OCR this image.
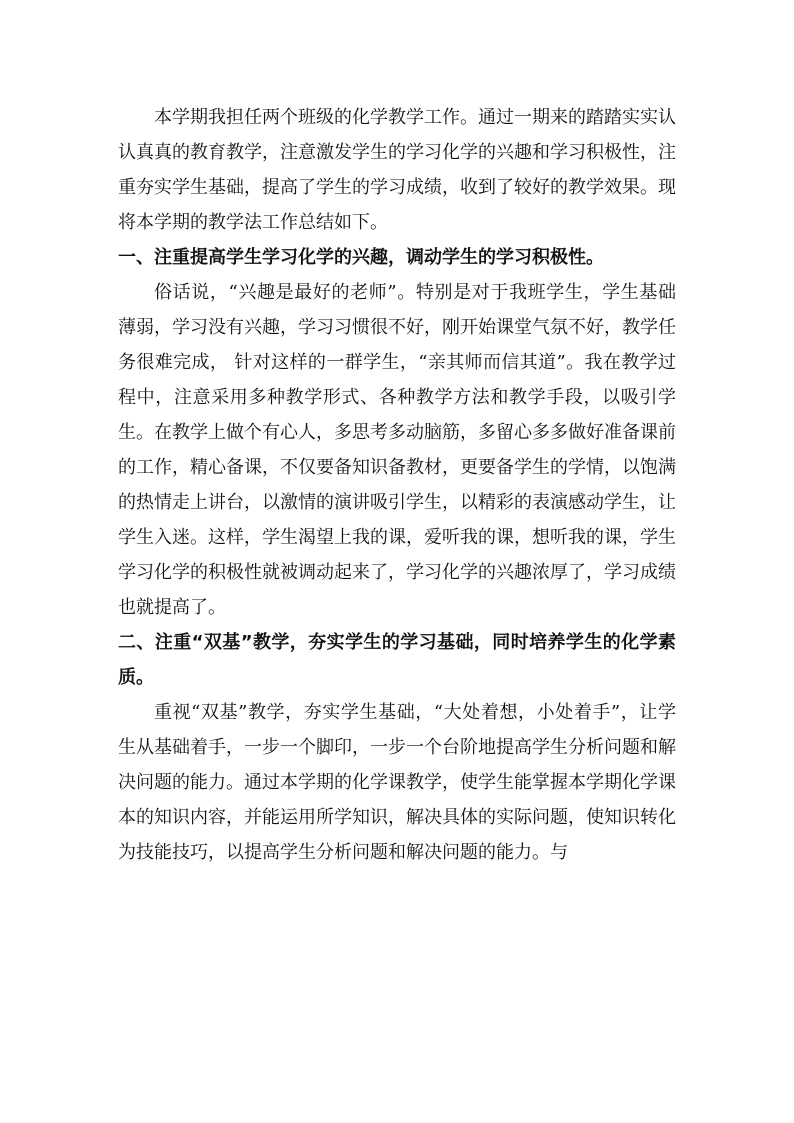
本学期我担任两个班级的化学教学工作。通过一期来的踏踏实实认认真真的教育教学，注意激发学生的学习化学的兴趣和学习积极性，注重夯实学生基础，提高了学生的学习成绩，收到了较好的教学效果。现将本学期的教学法工作总结如下。

一、注重提高学生学习化学的兴趣，调动学生的学习积极性。

俗话说，“兴趣是最好的老师”。特别是对于我班学生，学生基础薄弱，学习没有兴趣，学习习惯很不好，刚开始课堂气氛不好，教学任务很难完成， 针对这样的一群学生，“亲其师而信其道”。我在教学过程中，注意采用多种教学形式、各种教学方法和教学手段，以吸引学生。在教学上做个有心人，多思考多动脑筋，多留心多多做好准备课前的工作，精心备课，不仅要备知识备教材，更要备学生的学情，以饱满的热情走上讲台，以激情的演讲吸引学生，以精彩的表演感动学生，让学生入迷。这样，学生渴望上我的课，爱听我的课，想听我的课，学生学习化学的积极性就被调动起来了，学习化学的兴趣浓厚了，学习成绩也就提高了。

二、注重“双基”教学，夯实学生的学习基础，同时培养学生的化学素质。

重视“双基”教学，夯实学生基础，“大处着想，小处着手”，让学生从基础着手，一步一个脚印，一步一个台阶地提高学生分析问题和解决问题的能力。通过本学期的化学课教学，使学生能掌握本学期化学课本的知识内容，并能运用所学知识，解决具体的实际问题，使知识转化为技能技巧，以提高学生分析问题和解决问题的能力。与
